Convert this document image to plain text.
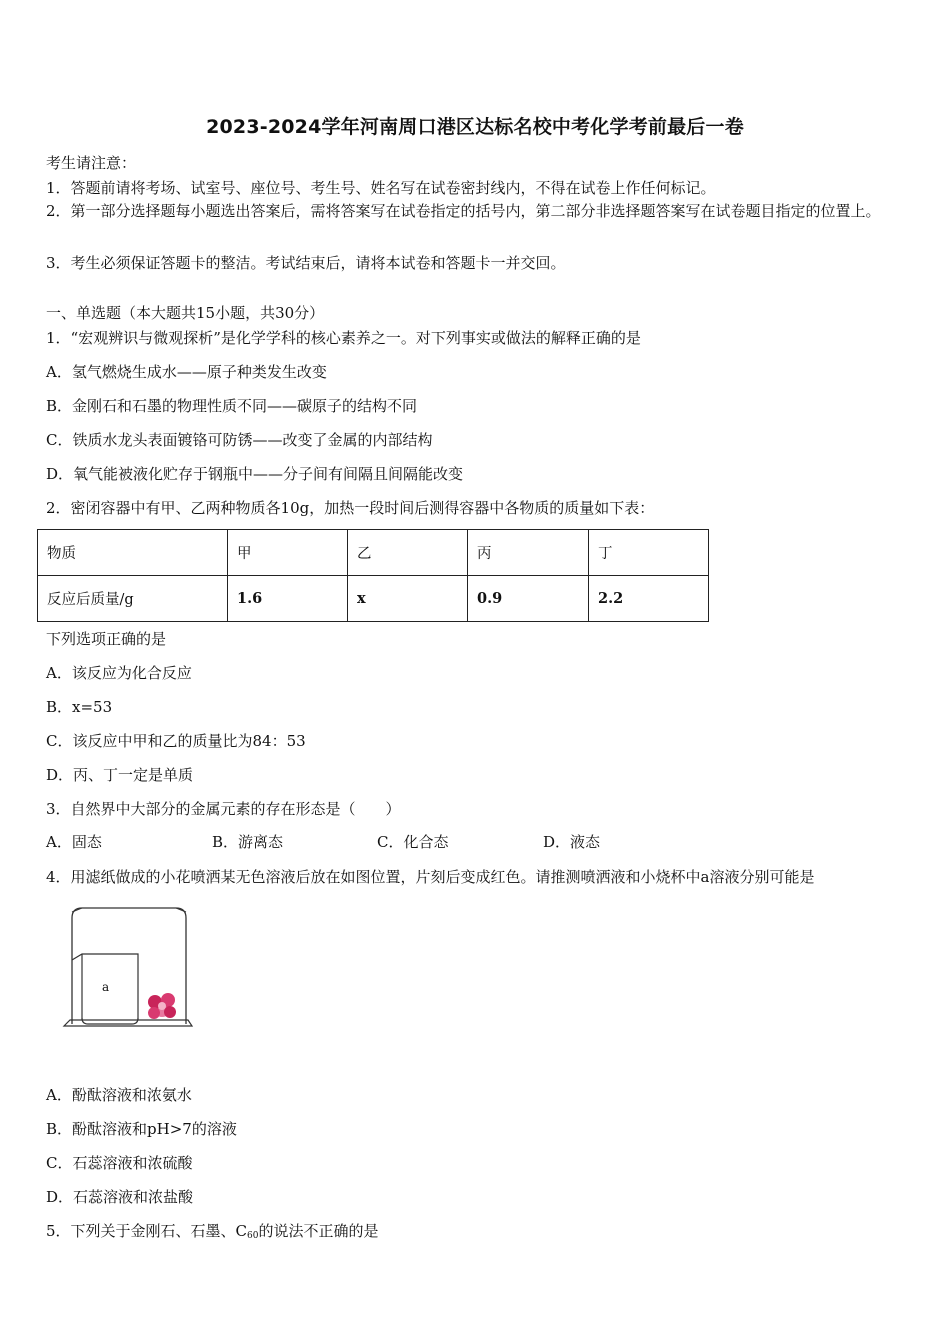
2023-2024学年河南周口港区达标名校中考化学考前最后一卷
考生请注意：
1．答题前请将考场、试室号、座位号、考生号、姓名写在试卷密封线内，不得在试卷上作任何标记。
2．第一部分选择题每小题选出答案后，需将答案写在试卷指定的括号内，第二部分非选择题答案写在试卷题目指定的位置上。
3．考生必须保证答题卡的整洁。考试结束后，请将本试卷和答题卡一并交回。
一、单选题（本大题共15小题，共30分）
1．“宏观辨识与微观探析”是化学学科的核心素养之一。对下列事实或做法的解释正确的是
A．氢气燃烧生成水——原子种类发生改变
B．金刚石和石墨的物理性质不同——碳原子的结构不同
C．铁质水龙头表面镀铬可防锈——改变了金属的内部结构
D．氧气能被液化贮存于钢瓶中——分子间有间隔且间隔能改变
2．密闭容器中有甲、乙两种物质各10g，加热一段时间后测得容器中各物质的质量如下表：
物质	甲	乙	丙	丁
反应后质量/g	1.6	x	0.9	2.2
下列选项正确的是
A．该反应为化合反应
B．x=53
C．该反应中甲和乙的质量比为84：53
D．丙、丁一定是单质
3．自然界中大部分的金属元素的存在形态是（　　）
A．固态	B．游离态	C．化合态	D．液态
4．用滤纸做成的小花喷洒某无色溶液后放在如图位置，片刻后变成红色。请推测喷洒液和小烧杯中a溶液分别可能是
a
A．酚酞溶液和浓氨水
B．酚酞溶液和pH>7的溶液
C．石蕊溶液和浓硫酸
D．石蕊溶液和浓盐酸
5．下列关于金刚石、石墨、$C_{60}$的说法不正确的是
